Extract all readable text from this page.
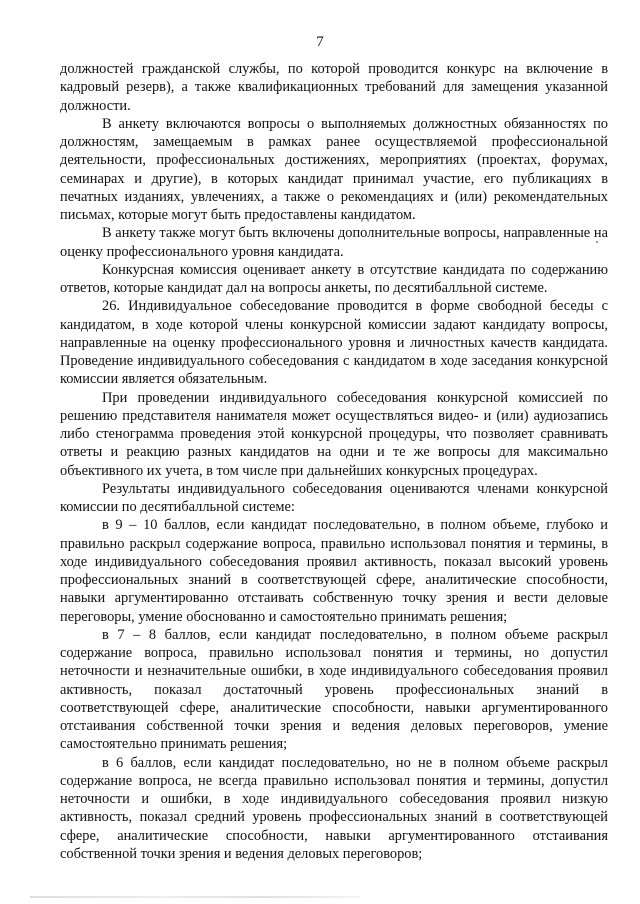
7

должностей гражданской службы, по которой проводится конкурс на включение в кадровый резерв), а также квалификационных требований для замещения указанной должности.

В анкету включаются вопросы о выполняемых должностных обязанностях по должностям, замещаемым в рамках ранее осуществляемой профессиональной деятельности, профессиональных достижениях, мероприятиях (проектах, форумах, семинарах и другие), в которых кандидат принимал участие, его публикациях в печатных изданиях, увлечениях, а также о рекомендациях и (или) рекомендательных письмах, которые могут быть предоставлены кандидатом.

В анкету также могут быть включены дополнительные вопросы, направленные на оценку профессионального уровня кандидата.

Конкурсная комиссия оценивает анкету в отсутствие кандидата по содержанию ответов, которые кандидат дал на вопросы анкеты, по десятибалльной системе.

26. Индивидуальное собеседование проводится в форме свободной беседы с кандидатом, в ходе которой члены конкурсной комиссии задают кандидату вопросы, направленные на оценку профессионального уровня и личностных качеств кандидата. Проведение индивидуального собеседования с кандидатом в ходе заседания конкурсной комиссии является обязательным.

При проведении индивидуального собеседования конкурсной комиссией по решению представителя нанимателя может осуществляться видео- и (или) аудиозапись либо стенограмма проведения этой конкурсной процедуры, что позволяет сравнивать ответы и реакцию разных кандидатов на одни и те же вопросы для максимально объективного их учета, в том числе при дальнейших конкурсных процедурах.

Результаты индивидуального собеседования оцениваются членами конкурсной комиссии по десятибалльной системе:

в 9 – 10 баллов, если кандидат последовательно, в полном объеме, глубоко и правильно раскрыл содержание вопроса, правильно использовал понятия и термины, в ходе индивидуального собеседования проявил активность, показал высокий уровень профессиональных знаний в соответствующей сфере, аналитические способности, навыки аргументированно отстаивать собственную точку зрения и вести деловые переговоры, умение обоснованно и самостоятельно принимать решения;

в 7 – 8 баллов, если кандидат последовательно, в полном объеме раскрыл содержание вопроса, правильно использовал понятия и термины, но допустил неточности и незначительные ошибки, в ходе индивидуального собеседования проявил активность, показал достаточный уровень профессиональных знаний в соответствующей сфере, аналитические способности, навыки аргументированного отстаивания собственной точки зрения и ведения деловых переговоров, умение самостоятельно принимать решения;

в 6 баллов, если кандидат последовательно, но не в полном объеме раскрыл содержание вопроса, не всегда правильно использовал понятия и термины, допустил неточности и ошибки, в ходе индивидуального собеседования проявил низкую активность, показал средний уровень профессиональных знаний в соответствующей сфере, аналитические способности, навыки аргументированного отстаивания собственной точки зрения и ведения деловых переговоров;
